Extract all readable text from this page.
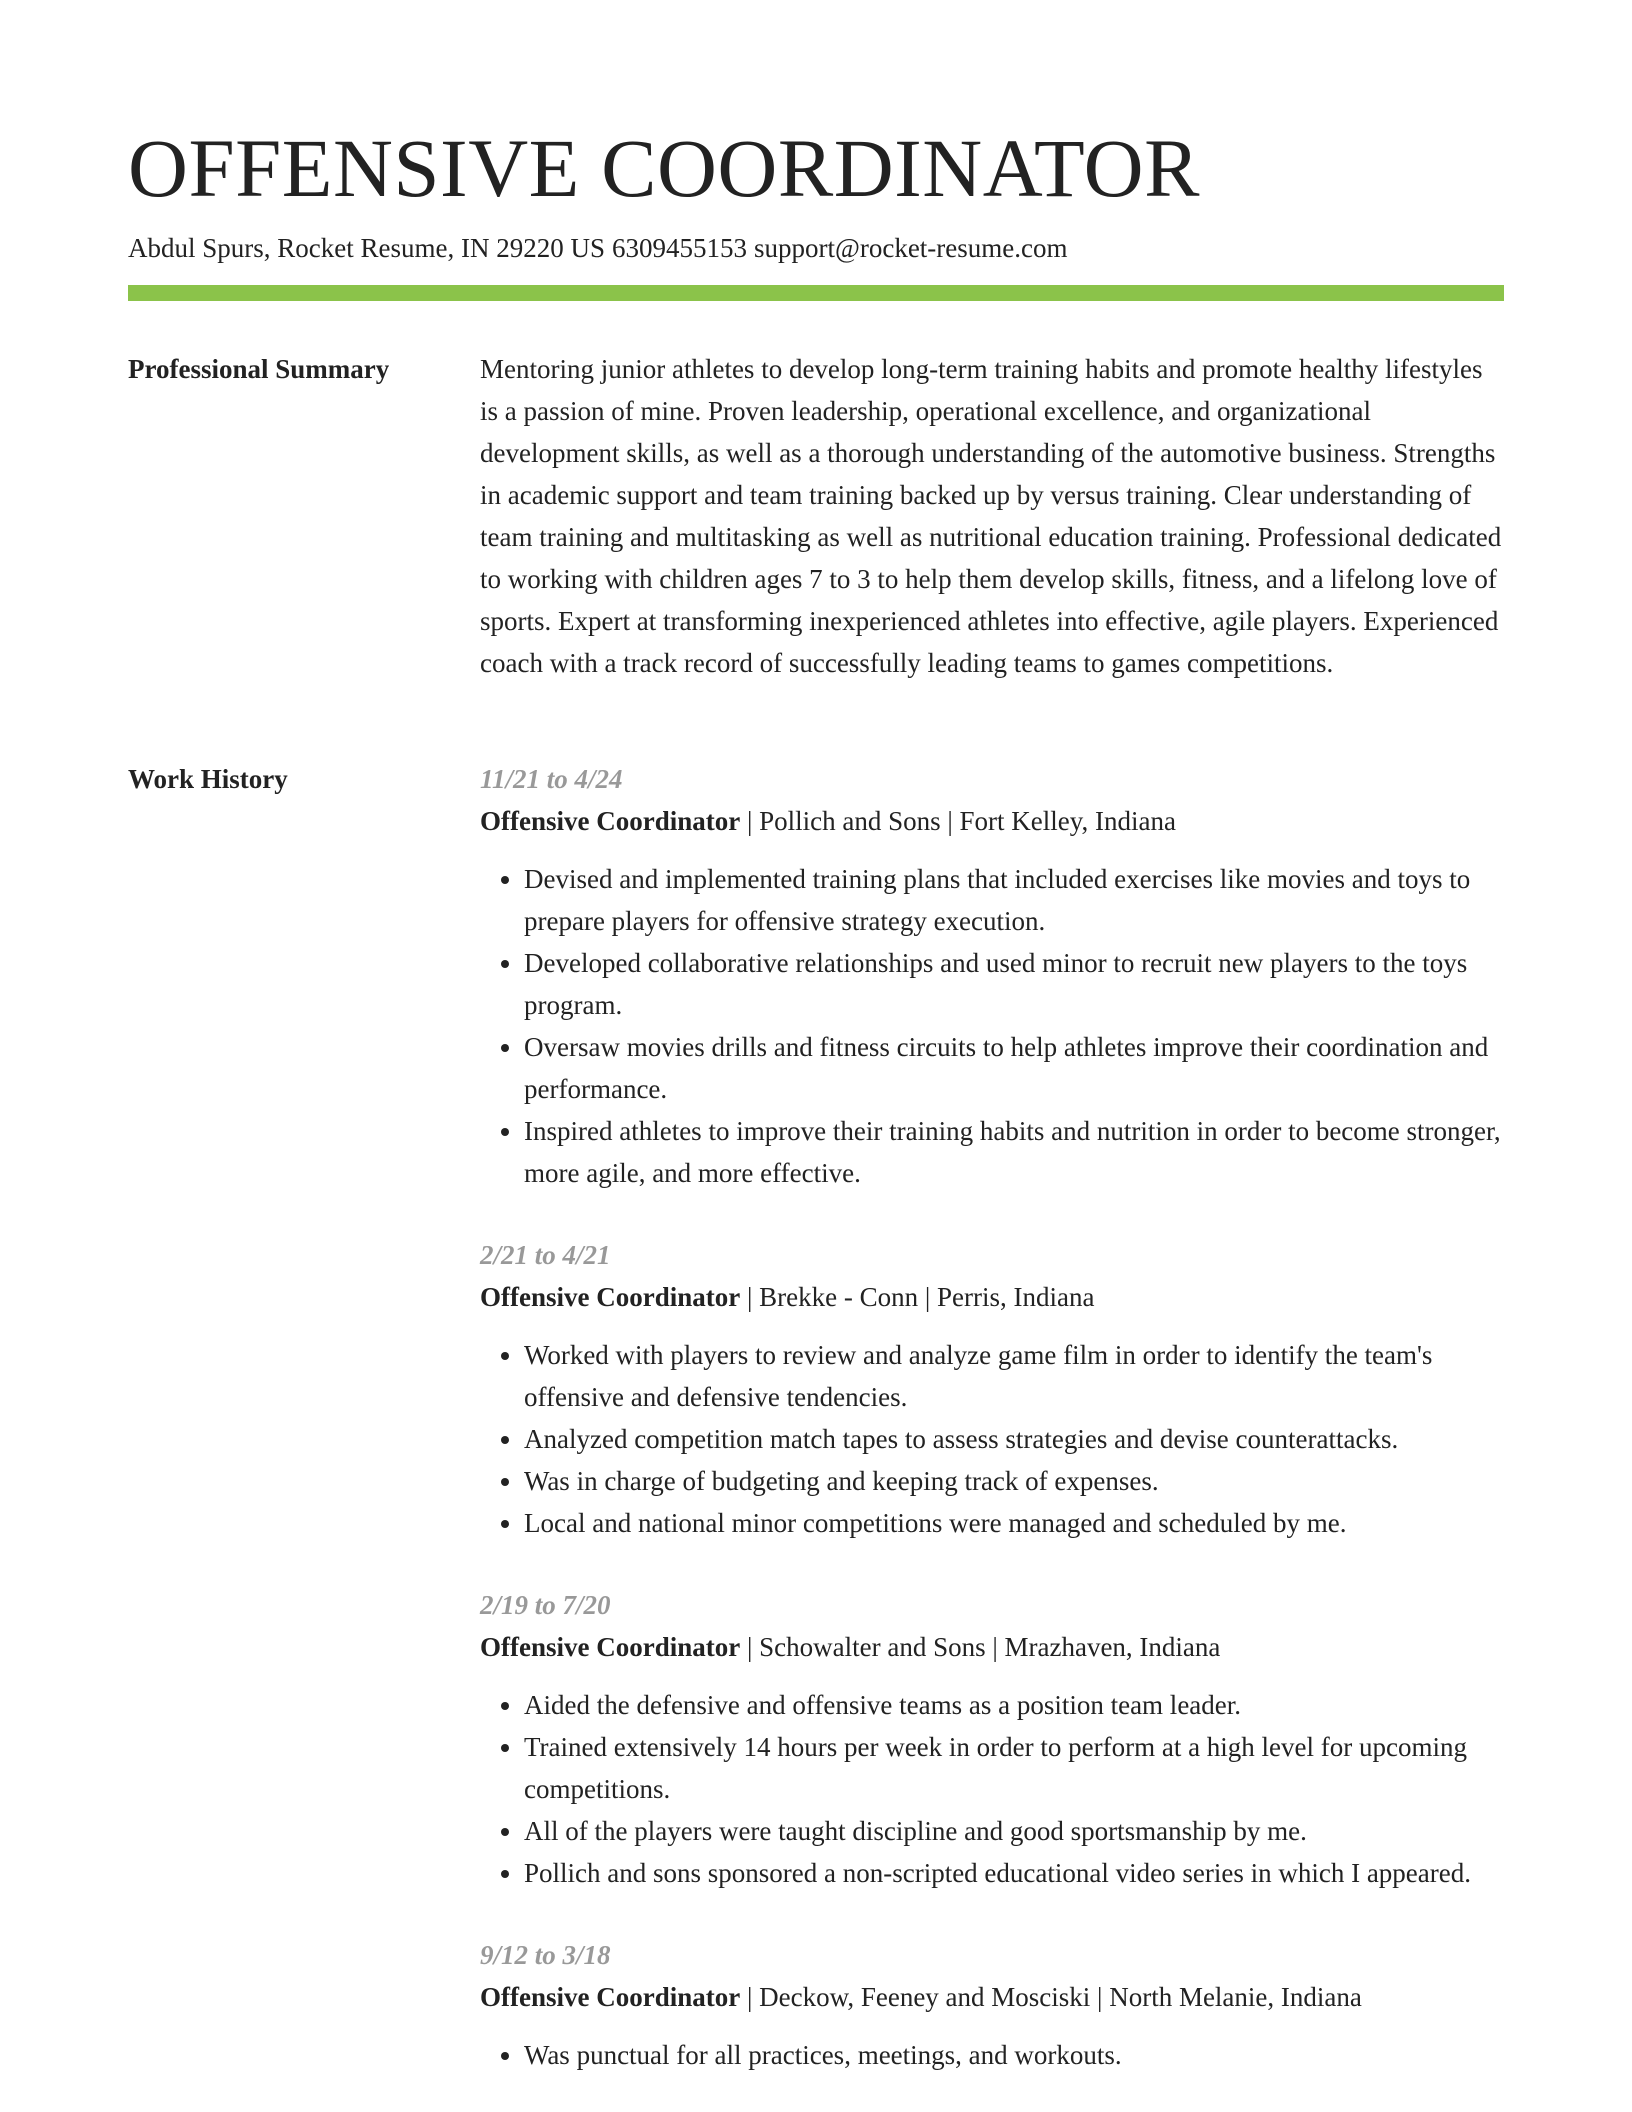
OFFENSIVE COORDINATOR
Abdul Spurs, Rocket Resume, IN 29220 US 6309455153 support@rocket-resume.com
Professional Summary	Mentoring junior athletes to develop long-term training habits and promote healthy lifestyles is a passion of mine. Proven leadership, operational excellence, and organizational development skills, as well as a thorough understanding of the automotive business. Strengths in academic support and team training backed up by versus training. Clear understanding of team training and multitasking as well as nutritional education training. Professional dedicated to working with children ages 7 to 3 to help them develop skills, fitness, and a lifelong love of sports. Expert at transforming inexperienced athletes into effective, agile players. Experienced coach with a track record of successfully leading teams to games competitions.

Work History	11/21 to 4/24
Offensive Coordinator | Pollich and Sons | Fort Kelley, Indiana
• Devised and implemented training plans that included exercises like movies and toys to prepare players for offensive strategy execution.
• Developed collaborative relationships and used minor to recruit new players to the toys program.
• Oversaw movies drills and fitness circuits to help athletes improve their coordination and performance.
• Inspired athletes to improve their training habits and nutrition in order to become stronger, more agile, and more effective.
2/21 to 4/21
Offensive Coordinator | Brekke - Conn | Perris, Indiana
• Worked with players to review and analyze game film in order to identify the team's offensive and defensive tendencies.
• Analyzed competition match tapes to assess strategies and devise counterattacks.
• Was in charge of budgeting and keeping track of expenses.
• Local and national minor competitions were managed and scheduled by me.
2/19 to 7/20
Offensive Coordinator | Schowalter and Sons | Mrazhaven, Indiana
• Aided the defensive and offensive teams as a position team leader.
• Trained extensively 14 hours per week in order to perform at a high level for upcoming competitions.
• All of the players were taught discipline and good sportsmanship by me.
• Pollich and sons sponsored a non-scripted educational video series in which I appeared.
9/12 to 3/18
Offensive Coordinator | Deckow, Feeney and Mosciski | North Melanie, Indiana
• Was punctual for all practices, meetings, and workouts.
